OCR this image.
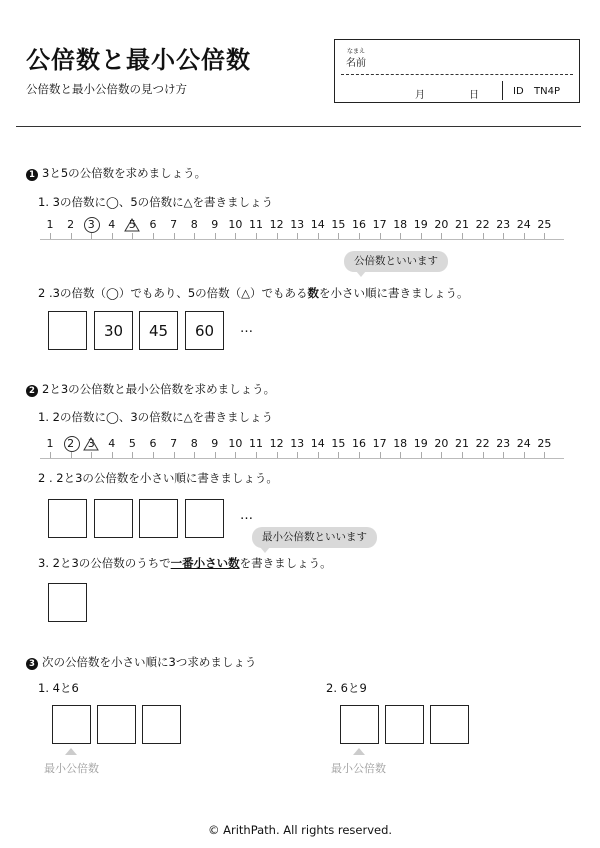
公倍数と最小公倍数
公倍数と最小公倍数の見つけ方
なまえ
名前
月	日	ID TN4P
1 3と5の公倍数を求めましょう。
1. 3の倍数に◯、5の倍数に△を書きましょう
1	2	3	4	5	6	7	8	9 10 11 12 13 14 15 16 17 18 19 20 21 22 23 24 25
公倍数といいます
2 .3の倍数（◯）でもあり、5の倍数（△）でもある数を小さい順に書きましょう。
30	45	60	…
2 2と3の公倍数と最小公倍数を求めましょう。
1. 2の倍数に◯、3の倍数に△を書きましょう
1	2	3	4	5	6	7	8	9 10 11 12 13 14 15 16 17 18 19 20 21 22 23 24 25
2 . 2と3の公倍数を小さい順に書きましょう。
…
最小公倍数といいます
3. 2と3の公倍数のうちで一番小さい数を書きましょう。
3 次の公倍数を小さい順に3つ求めましょう
1. 4と6	2. 6と9
最小公倍数	最小公倍数
© ArithPath. All rights reserved.
